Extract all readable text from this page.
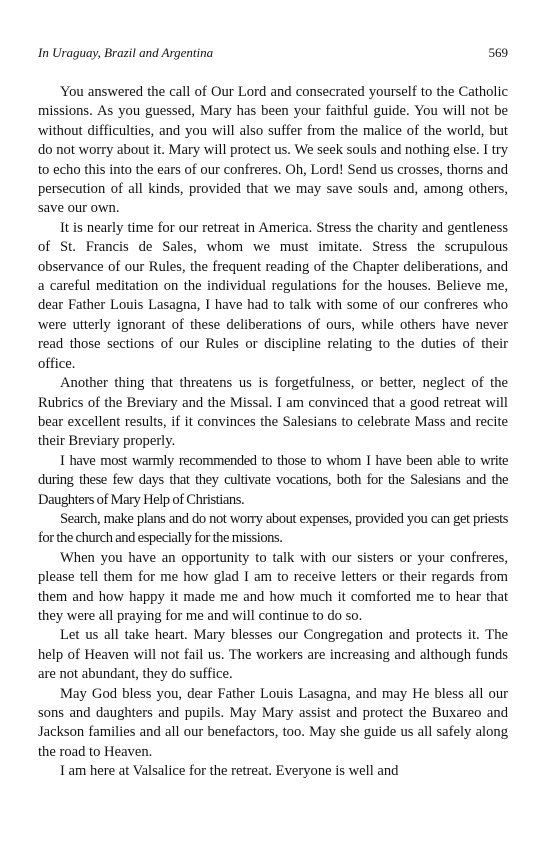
In Uraguay, Brazil and Argentina	569

You answered the call of Our Lord and consecrated yourself to the Catholic missions. As you guessed, Mary has been your faithful guide. You will not be without difficulties, and you will also suffer from the malice of the world, but do not worry about it. Mary will protect us. We seek souls and nothing else. I try to echo this into the ears of our confreres. Oh, Lord! Send us crosses, thorns and persecution of all kinds, provided that we may save souls and, among others, save our own.

It is nearly time for our retreat in America. Stress the charity and gentleness of St. Francis de Sales, whom we must imitate. Stress the scrupulous observance of our Rules, the frequent reading of the Chapter deliberations, and a careful meditation on the individual regulations for the houses. Believe me, dear Father Louis Lasagna, I have had to talk with some of our confreres who were utterly ignorant of these deliberations of ours, while others have never read those sections of our Rules or discipline relating to the duties of their office.

Another thing that threatens us is forgetfulness, or better, neglect of the Rubrics of the Breviary and the Missal. I am convinced that a good retreat will bear excellent results, if it convinces the Salesians to celebrate Mass and recite their Breviary properly.

I have most warmly recommended to those to whom I have been able to write during these few days that they cultivate vocations, both for the Salesians and the Daughters of Mary Help of Christians.

Search, make plans and do not worry about expenses, provided you can get priests for the church and especially for the missions.

When you have an opportunity to talk with our sisters or your confreres, please tell them for me how glad I am to receive letters or their regards from them and how happy it made me and how much it comforted me to hear that they were all praying for me and will continue to do so.

Let us all take heart. Mary blesses our Congregation and protects it. The help of Heaven will not fail us. The workers are increasing and although funds are not abundant, they do suffice.

May God bless you, dear Father Louis Lasagna, and may He bless all our sons and daughters and pupils. May Mary assist and protect the Buxareo and Jackson families and all our benefactors, too. May she guide us all safely along the road to Heaven.

I am here at Valsalice for the retreat. Everyone is well and
